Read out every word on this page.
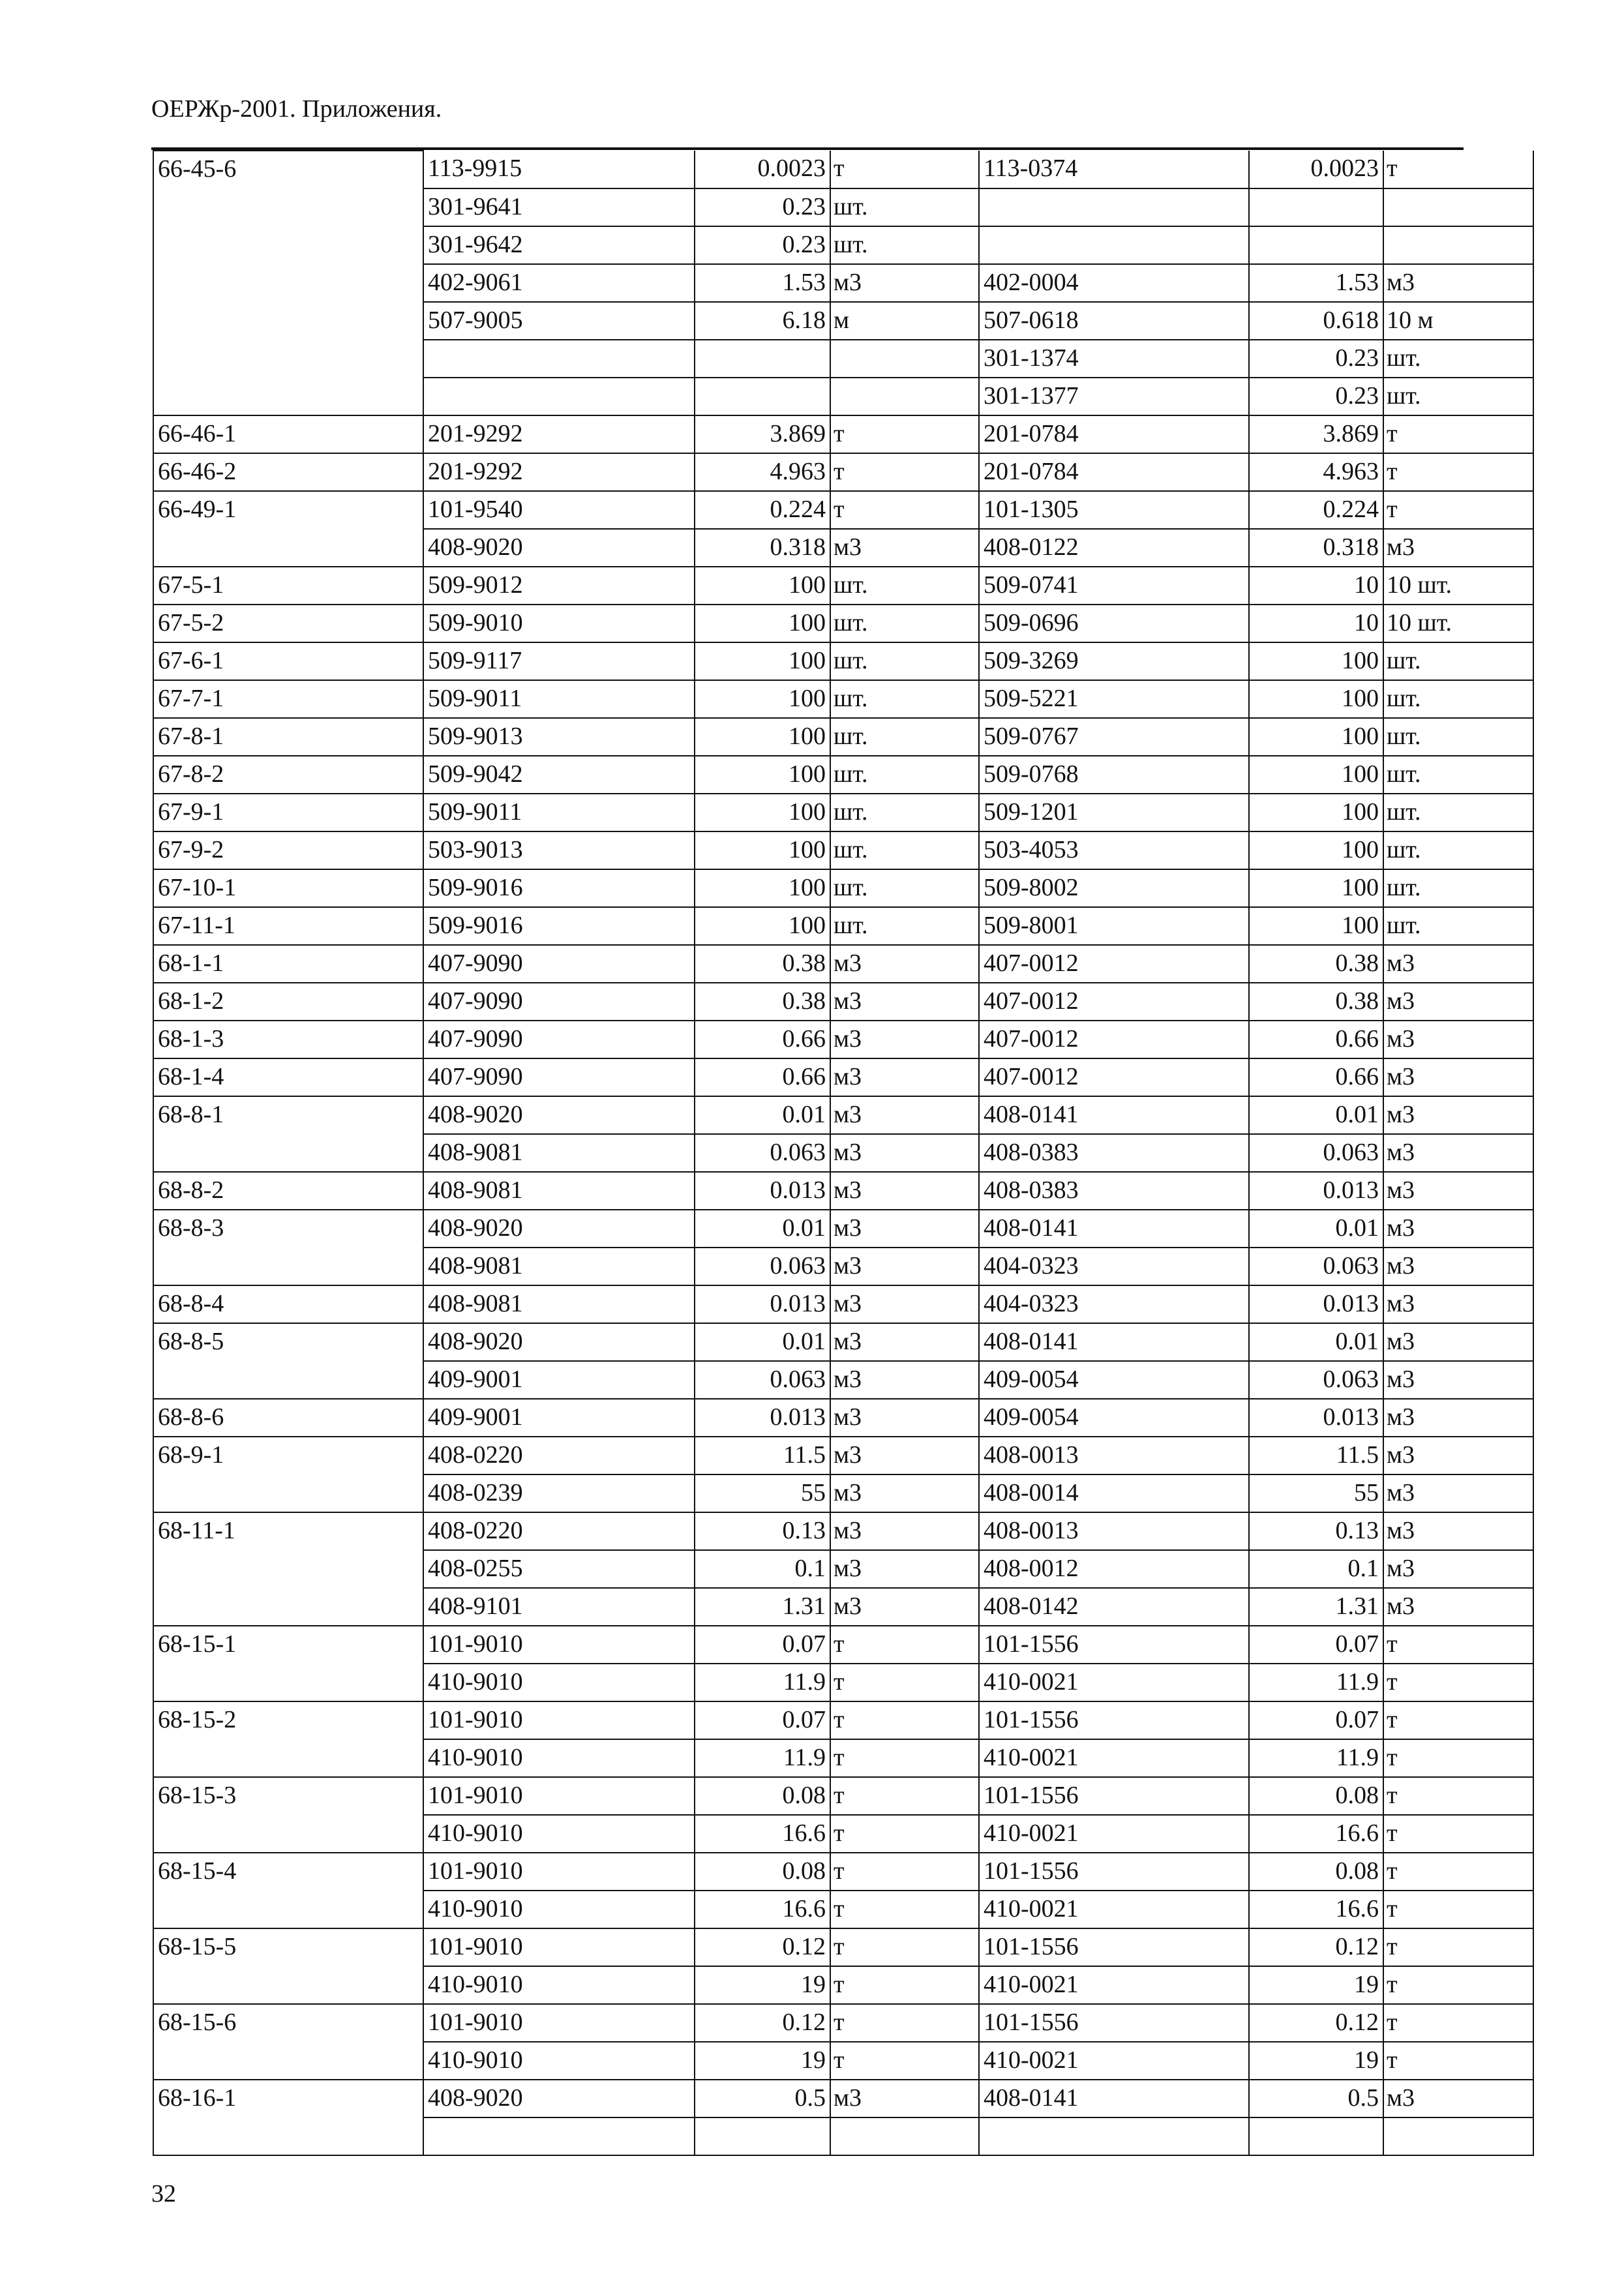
ОЕРЖр-2001. Приложения.
66-45-6	113-9915	0.0023	т	113-0374	0.0023	т
	301-9641	0.23	шт.			
	301-9642	0.23	шт.			
	402-9061	1.53	м3	402-0004	1.53	м3
	507-9005	6.18	м	507-0618	0.618	10 м
				301-1374	0.23	шт.
				301-1377	0.23	шт.
66-46-1	201-9292	3.869	т	201-0784	3.869	т
66-46-2	201-9292	4.963	т	201-0784	4.963	т
66-49-1	101-9540	0.224	т	101-1305	0.224	т
	408-9020	0.318	м3	408-0122	0.318	м3
67-5-1	509-9012	100	шт.	509-0741	10	10 шт.
67-5-2	509-9010	100	шт.	509-0696	10	10 шт.
67-6-1	509-9117	100	шт.	509-3269	100	шт.
67-7-1	509-9011	100	шт.	509-5221	100	шт.
67-8-1	509-9013	100	шт.	509-0767	100	шт.
67-8-2	509-9042	100	шт.	509-0768	100	шт.
67-9-1	509-9011	100	шт.	509-1201	100	шт.
67-9-2	503-9013	100	шт.	503-4053	100	шт.
67-10-1	509-9016	100	шт.	509-8002	100	шт.
67-11-1	509-9016	100	шт.	509-8001	100	шт.
68-1-1	407-9090	0.38	м3	407-0012	0.38	м3
68-1-2	407-9090	0.38	м3	407-0012	0.38	м3
68-1-3	407-9090	0.66	м3	407-0012	0.66	м3
68-1-4	407-9090	0.66	м3	407-0012	0.66	м3
68-8-1	408-9020	0.01	м3	408-0141	0.01	м3
	408-9081	0.063	м3	408-0383	0.063	м3
68-8-2	408-9081	0.013	м3	408-0383	0.013	м3
68-8-3	408-9020	0.01	м3	408-0141	0.01	м3
	408-9081	0.063	м3	404-0323	0.063	м3
68-8-4	408-9081	0.013	м3	404-0323	0.013	м3
68-8-5	408-9020	0.01	м3	408-0141	0.01	м3
	409-9001	0.063	м3	409-0054	0.063	м3
68-8-6	409-9001	0.013	м3	409-0054	0.013	м3
68-9-1	408-0220	11.5	м3	408-0013	11.5	м3
	408-0239	55	м3	408-0014	55	м3
68-11-1	408-0220	0.13	м3	408-0013	0.13	м3
	408-0255	0.1	м3	408-0012	0.1	м3
	408-9101	1.31	м3	408-0142	1.31	м3
68-15-1	101-9010	0.07	т	101-1556	0.07	т
	410-9010	11.9	т	410-0021	11.9	т
68-15-2	101-9010	0.07	т	101-1556	0.07	т
	410-9010	11.9	т	410-0021	11.9	т
68-15-3	101-9010	0.08	т	101-1556	0.08	т
	410-9010	16.6	т	410-0021	16.6	т
68-15-4	101-9010	0.08	т	101-1556	0.08	т
	410-9010	16.6	т	410-0021	16.6	т
68-15-5	101-9010	0.12	т	101-1556	0.12	т
	410-9010	19	т	410-0021	19	т
68-15-6	101-9010	0.12	т	101-1556	0.12	т
	410-9010	19	т	410-0021	19	т
68-16-1	408-9020	0.5	м3	408-0141	0.5	м3

32
